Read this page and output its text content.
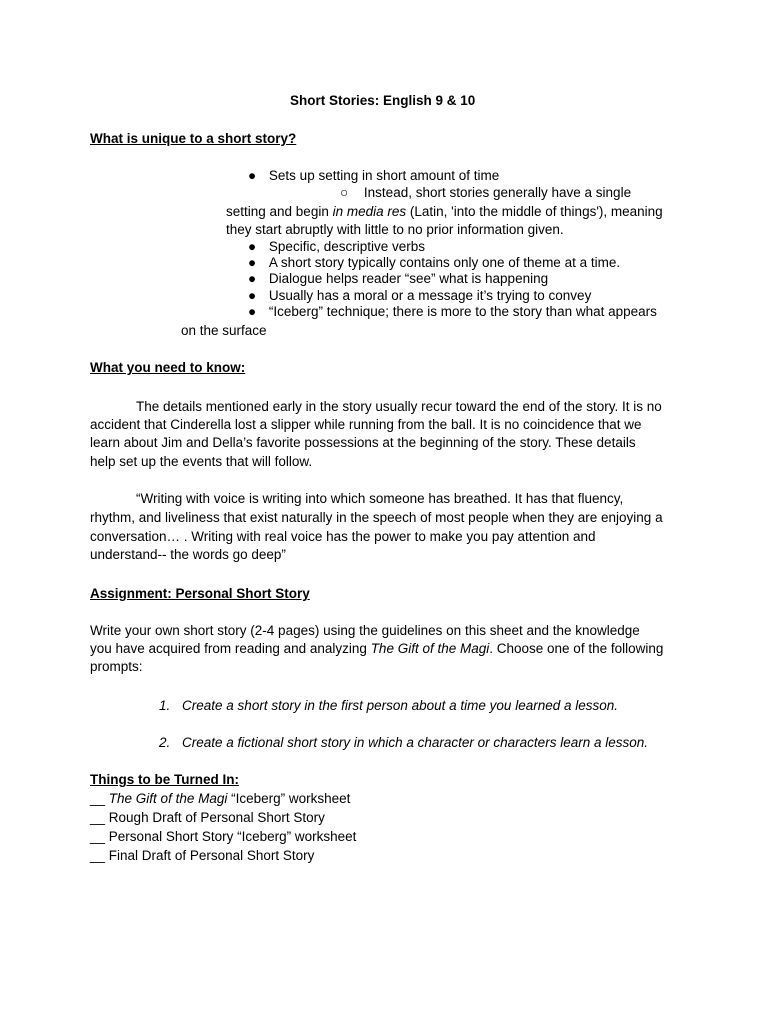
Short Stories: English 9 & 10
What is unique to a short story?
● Sets up setting in short amount of time
○ Instead, short stories generally have a single
setting and begin in media res (Latin, 'into the middle of things'), meaning
they start abruptly with little to no prior information given.
● Specific, descriptive verbs
● A short story typically contains only one of theme at a time.
● Dialogue helps reader “see” what is happening
● Usually has a moral or a message it’s trying to convey
● “Iceberg” technique; there is more to the story than what appears
on the surface
What you need to know:
The details mentioned early in the story usually recur toward the end of the story. It is no
accident that Cinderella lost a slipper while running from the ball. It is no coincidence that we
learn about Jim and Della’s favorite possessions at the beginning of the story. These details
help set up the events that will follow.
“Writing with voice is writing into which someone has breathed. It has that fluency,
rhythm, and liveliness that exist naturally in the speech of most people when they are enjoying a
conversation… . Writing with real voice has the power to make you pay attention and
understand-- the words go deep”
Assignment: Personal Short Story
Write your own short story (2-4 pages) using the guidelines on this sheet and the knowledge
you have acquired from reading and analyzing The Gift of the Magi. Choose one of the following
prompts:
1. Create a short story in the first person about a time you learned a lesson.
2. Create a fictional short story in which a character or characters learn a lesson.
Things to be Turned In:
__ The Gift of the Magi “Iceberg” worksheet
__ Rough Draft of Personal Short Story
__ Personal Short Story “Iceberg” worksheet
__ Final Draft of Personal Short Story
